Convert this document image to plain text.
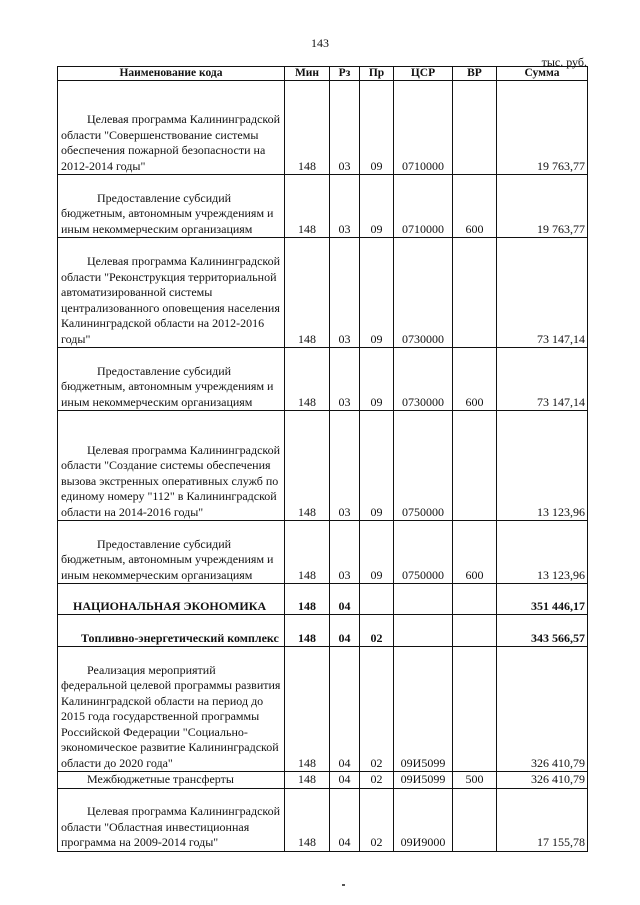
143
тыс. руб.
Наименование кода	Мин	Рз	Пр	ЦСР	ВР	Сумма
Целевая программа Калининградской области "Совершенствование системы обеспечения пожарной безопасности на 2012-2014 годы"	148	03	09	0710000		19 763,77
Предоставление субсидий бюджетным, автономным учреждениям и иным некоммерческим организациям	148	03	09	0710000	600	19 763,77
Целевая программа Калининградской области "Реконструкция территориальной автоматизированной системы централизованного оповещения населения Калининградской области на 2012-2016 годы"	148	03	09	0730000		73 147,14
Предоставление субсидий бюджетным, автономным учреждениям и иным некоммерческим организациям	148	03	09	0730000	600	73 147,14
Целевая программа Калининградской области "Создание системы обеспечения вызова экстренных оперативных служб по единому номеру "112" в Калининградской области на 2014-2016 годы"	148	03	09	0750000		13 123,96
Предоставление субсидий бюджетным, автономным учреждениям и иным некоммерческим организациям	148	03	09	0750000	600	13 123,96
НАЦИОНАЛЬНАЯ ЭКОНОМИКА	148	04				351 446,17
Топливно-энергетический комплекс	148	04	02			343 566,57
Реализация мероприятий федеральной целевой программы развития Калининградской области на период до 2015 года государственной программы Российской Федерации "Социально-экономическое развитие Калининградской области до 2020 года"	148	04	02	09И5099		326 410,79
Межбюджетные трансферты	148	04	02	09И5099	500	326 410,79
Целевая программа Калининградской области "Областная инвестиционная программа на 2009-2014 годы"	148	04	02	09И9000		17 155,78
